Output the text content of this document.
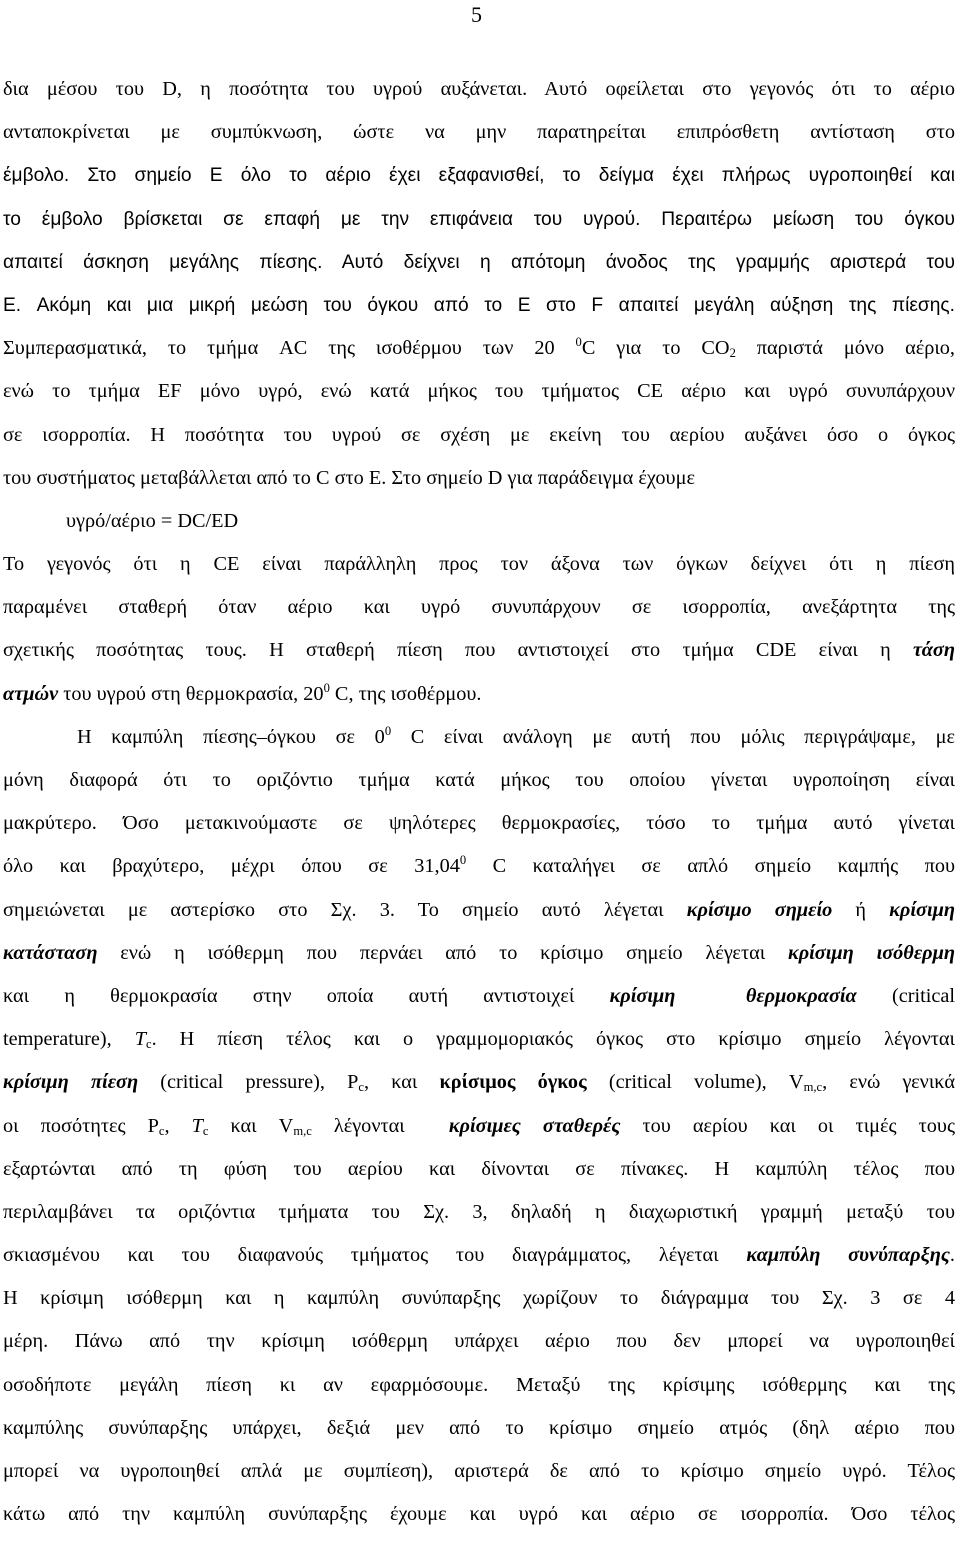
5
δια μέσου του D, η ποσότητα του υγρού αυξάνεται. Αυτό οφείλεται στο γεγονός ότι το αέριο
ανταποκρίνεται με συμπύκνωση, ώστε να μην παρατηρείται επιπρόσθετη αντίσταση στο
έμβολο. Στο σημείο E όλο το αέριο έχει εξαφανισθεί, το δείγμα έχει πλήρως υγροποιηθεί και
το έμβολο βρίσκεται σε επαφή με την επιφάνεια του υγρού. Περαιτέρω μείωση του όγκου
απαιτεί άσκηση μεγάλης πίεσης. Αυτό δείχνει η απότομη άνοδος της γραμμής αριστερά του
E. Ακόμη και μια μικρή μεώση του όγκου από το E στο F απαιτεί μεγάλη αύξηση της πίεσης.
Συμπερασματικά, το τμήμα AC της ισοθέρμου των 20 $^0$C για το $CO_2$ παριστά μόνο αέριο,
ενώ το τμήμα EF μόνο υγρό, ενώ κατά μήκος του τμήματος CE αέριο και υγρό συνυπάρχουν
σε ισορροπία. Η ποσότητα του υγρού σε σχέση με εκείνη του αερίου αυξάνει όσο ο όγκος
του συστήματος μεταβάλλεται από το C στο E. Στο σημείο D για παράδειγμα έχουμε
υγρό/αέριο = DC/ED
Το γεγονός ότι η CE είναι παράλληλη προς τον άξονα των όγκων δείχνει ότι η πίεση
παραμένει σταθερή όταν αέριο και υγρό συνυπάρχουν σε ισορροπία, ανεξάρτητα της
σχετικής ποσότητας τους. Η σταθερή πίεση που αντιστοιχεί στο τμήμα CDE είναι η τάση
ατμών του υγρού στη θερμοκρασία, $20^0$ C, της ισοθέρμου.
Η καμπύλη πίεσης–όγκου σε $0^0$ C είναι ανάλογη με αυτή που μόλις περιγράψαμε, με
μόνη διαφορά ότι το οριζόντιο τμήμα κατά μήκος του οποίου γίνεται υγροποίηση είναι
μακρύτερο. Όσο μετακινούμαστε σε ψηλότερες θερμοκρασίες, τόσο το τμήμα αυτό γίνεται
όλο και βραχύτερο, μέχρι όπου σε 31,04$^0$ C καταλήγει σε απλό σημείο καμπής που
σημειώνεται με αστερίσκο στο Σχ. 3. Το σημείο αυτό λέγεται κρίσιμο σημείο ή κρίσιμη
κατάσταση ενώ η ισόθερμη που περνάει από το κρίσιμο σημείο λέγεται κρίσιμη ισόθερμη
και η θερμοκρασία στην οποία αυτή αντιστοιχεί κρίσιμη	θερμοκρασία (critical
temperature), $T_c$. Η πίεση τέλος και ο γραμμομοριακός όγκος στο κρίσιμο σημείο λέγονται
κρίσιμη πίεση (critical pressure), $P_c$, και κρίσιμος όγκος (critical volume), $V_{m,c}$, ενώ γενικά
οι ποσότητες $P_c$, $T_c$ και $V_{m,c}$ λέγονται  κρίσιμες σταθερές του αερίου και οι τιμές τους
εξαρτώνται από τη φύση του αερίου και δίνονται σε πίνακες. Η καμπύλη τέλος που
περιλαμβάνει τα οριζόντια τμήματα του Σχ. 3, δηλαδή η διαχωριστική γραμμή μεταξύ του
σκιασμένου και του διαφανούς τμήματος του διαγράμματος, λέγεται καμπύλη συνύπαρξης.
Η κρίσιμη ισόθερμη και η καμπύλη συνύπαρξης χωρίζουν το διάγραμμα του Σχ. 3 σε 4
μέρη. Πάνω από την κρίσιμη ισόθερμη υπάρχει αέριο που δεν μπορεί να υγροποιηθεί
οσοδήποτε μεγάλη πίεση κι αν εφαρμόσουμε. Μεταξύ της κρίσιμης ισόθερμης και της
καμπύλης συνύπαρξης υπάρχει, δεξιά μεν από το κρίσιμο σημείο ατμός (δηλ αέριο που
μπορεί να υγροποιηθεί απλά με συμπίεση), αριστερά δε από το κρίσιμο σημείο υγρό. Τέλος
κάτω από την καμπύλη συνύπαρξης έχουμε και υγρό και αέριο σε ισορροπία. Όσο τέλος
